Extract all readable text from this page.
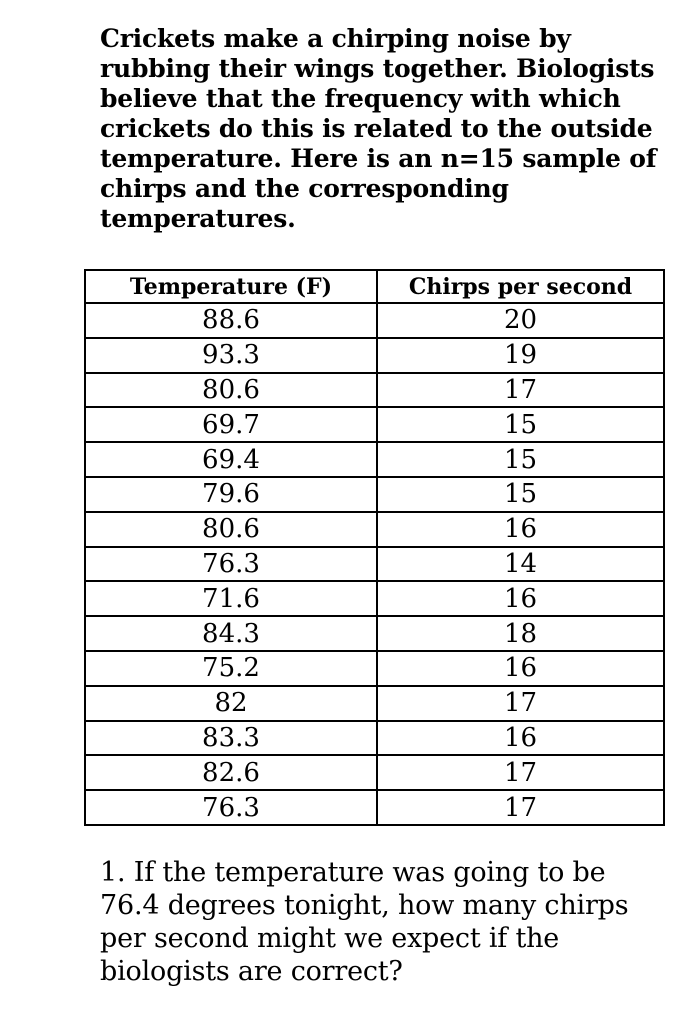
Crickets make a chirping noise by rubbing their wings together. Biologists believe that the frequency with which crickets do this is related to the outside temperature. Here is an n=15 sample of chirps and the corresponding temperatures.

Temperature (F)	Chirps per second
88.6	20
93.3	19
80.6	17
69.7	15
69.4	15
79.6	15
80.6	16
76.3	14
71.6	16
84.3	18
75.2	16
82	17
83.3	16
82.6	17
76.3	17

1. If the temperature was going to be 76.4 degrees tonight, how many chirps per second might we expect if the biologists are correct?
